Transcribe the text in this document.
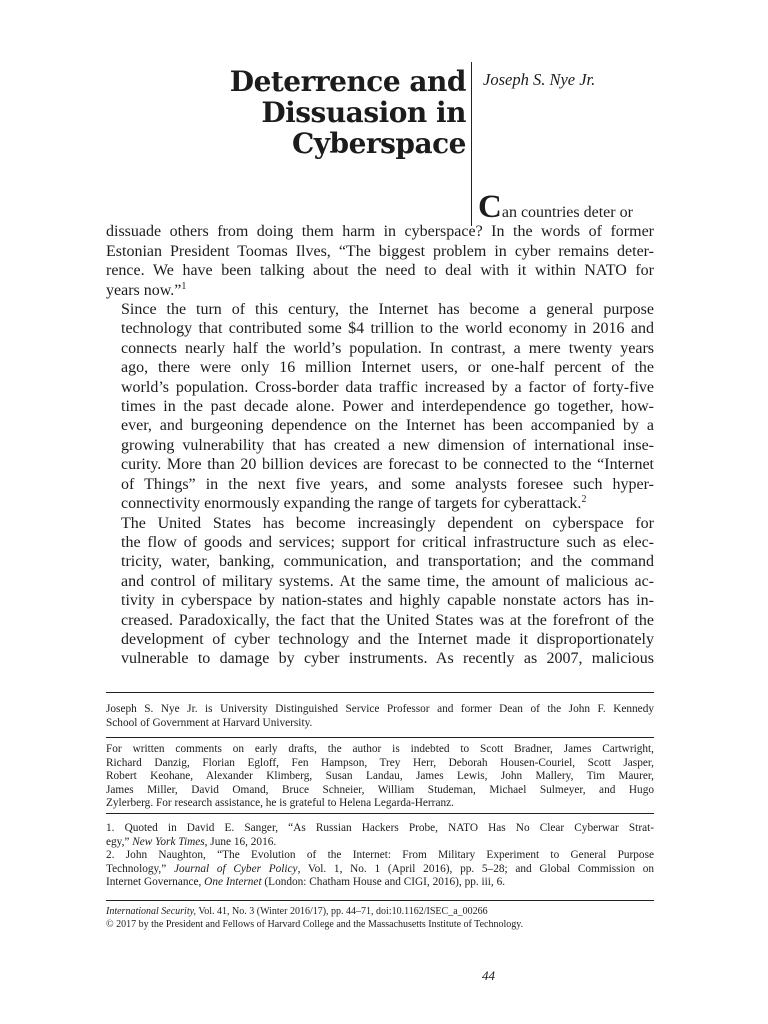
Deterrence and
Dissuasion in
Cyberspace

Joseph S. Nye Jr.

Can countries deter or
dissuade others from doing them harm in cyberspace? In the words of former
Estonian President Toomas Ilves, “The biggest problem in cyber remains deter-
rence. We have been talking about the need to deal with it within NATO for
years now.”$^1$

Since the turn of this century, the Internet has become a general purpose
technology that contributed some $4 trillion to the world economy in 2016 and
connects nearly half the world’s population. In contrast, a mere twenty years
ago, there were only 16 million Internet users, or one-half percent of the
world’s population. Cross-border data traffic increased by a factor of forty-five
times in the past decade alone. Power and interdependence go together, how-
ever, and burgeoning dependence on the Internet has been accompanied by a
growing vulnerability that has created a new dimension of international inse-
curity. More than 20 billion devices are forecast to be connected to the “Internet
of Things” in the next five years, and some analysts foresee such hyper-
connectivity enormously expanding the range of targets for cyberattack.$^2$

The United States has become increasingly dependent on cyberspace for
the flow of goods and services; support for critical infrastructure such as elec-
tricity, water, banking, communication, and transportation; and the command
and control of military systems. At the same time, the amount of malicious ac-
tivity in cyberspace by nation-states and highly capable nonstate actors has in-
creased. Paradoxically, the fact that the United States was at the forefront of the
development of cyber technology and the Internet made it disproportionately
vulnerable to damage by cyber instruments. As recently as 2007, malicious

Joseph S. Nye Jr. is University Distinguished Service Professor and former Dean of the John F. Kennedy
School of Government at Harvard University.
For written comments on early drafts, the author is indebted to Scott Bradner, James Cartwright,
Richard Danzig, Florian Egloff, Fen Hampson, Trey Herr, Deborah Housen-Couriel, Scott Jasper,
Robert Keohane, Alexander Klimberg, Susan Landau, James Lewis, John Mallery, Tim Maurer,
James Miller, David Omand, Bruce Schneier, William Studeman, Michael Sulmeyer, and Hugo
Zylerberg. For research assistance, he is grateful to Helena Legarda-Herranz.
1. Quoted in David E. Sanger, “As Russian Hackers Probe, NATO Has No Clear Cyberwar Strat-
egy,” New York Times, June 16, 2016.
2. John Naughton, “The Evolution of the Internet: From Military Experiment to General Purpose
Technology,” Journal of Cyber Policy, Vol. 1, No. 1 (April 2016), pp. 5–28; and Global Commission on
Internet Governance, One Internet (London: Chatham House and CIGI, 2016), pp. iii, 6.
International Security, Vol. 41, No. 3 (Winter 2016/17), pp. 44–71, doi:10.1162/ISEC_a_00266
© 2017 by the President and Fellows of Harvard College and the Massachusetts Institute of Technology.

44
